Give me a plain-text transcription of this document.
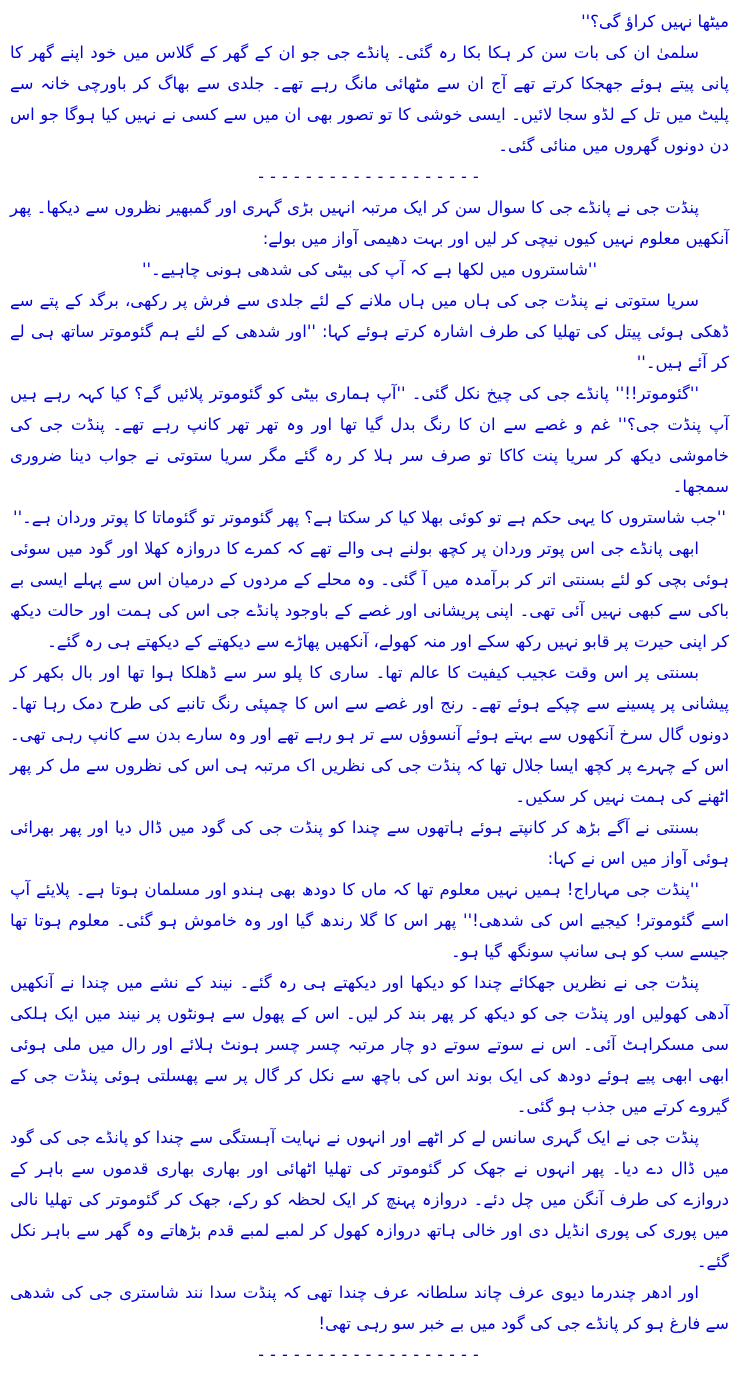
میٹھا نہیں کراؤ گی؟''

سلمیٰ ان کی بات سن کر ہکا بکا رہ گئی۔ پانڈے جی جو ان کے گھر کے گلاس میں خود اپنے گھر کا پانی پیتے ہوئے جھجکا کرتے تھے آج ان سے مٹھائی مانگ رہے تھے۔ جلدی سے بھاگ کر باورچی خانہ سے پلیٹ میں تل کے لڈو سجا لائیں۔ ایسی خوشی کا تو تصور بھی ان میں سے کسی نے نہیں کیا ہوگا جو اس دن دونوں گھروں میں منائی گئی۔

-------------------

پنڈت جی نے پانڈے جی کا سوال سن کر ایک مرتبہ انہیں بڑی گہری اور گمبھیر نظروں سے دیکھا۔ پھر آنکھیں معلوم نہیں کیوں نیچی کر لیں اور بہت دھیمی آواز میں بولے:

''شاستروں میں لکھا ہے کہ آپ کی بیٹی کی شدھی ہونی چاہیے۔''

سریا ستوتی نے پنڈت جی کی ہاں میں ہاں ملانے کے لئے جلدی سے فرش پر رکھی، برگد کے پتے سے ڈھکی ہوئی پیتل کی تھلیا کی طرف اشارہ کرتے ہوئے کہا: ''اور شدھی کے لئے ہم گئوموتر ساتھ ہی لے کر آئے ہیں۔''

''گئوموتر!!'' پانڈے جی کی چیخ نکل گئی۔ ''آپ ہماری بیٹی کو گئوموتر پلائیں گے؟ کیا کہہ رہے ہیں آپ پنڈت جی؟'' غم و غصے سے ان کا رنگ بدل گیا تھا اور وہ تھر تھر کانپ رہے تھے۔ پنڈت جی کی خاموشی دیکھ کر سریا پنت کاکا تو صرف سر ہلا کر رہ گئے مگر سریا ستوتی نے جواب دینا ضروری سمجھا۔

''جب شاستروں کا یہی حکم ہے تو کوئی بھلا کیا کر سکتا ہے؟ پھر گئوموتر تو گئوماتا کا پوتر وردان ہے۔''

ابھی پانڈے جی اس پوتر وردان پر کچھ بولنے ہی والے تھے کہ کمرے کا دروازہ کھلا اور گود میں سوئی ہوئی بچی کو لئے بسنتی اتر کر برآمدہ میں آ گئی۔ وہ محلے کے مردوں کے درمیان اس سے پہلے ایسی بے باکی سے کبھی نہیں آئی تھی۔ اپنی پریشانی اور غصے کے باوجود پانڈے جی اس کی ہمت اور حالت دیکھ کر اپنی حیرت پر قابو نہیں رکھ سکے اور منہ کھولے، آنکھیں پھاڑے سے دیکھتے کے دیکھتے ہی رہ گئے۔

بسنتی پر اس وقت عجیب کیفیت کا عالم تھا۔ ساری کا پلو سر سے ڈھلکا ہوا تھا اور بال بکھر کر پیشانی پر پسینے سے چپکے ہوئے تھے۔ رنج اور غصے سے اس کا چمپئی رنگ تانبے کی طرح دمک رہا تھا۔ دونوں گال سرخ آنکھوں سے بہتے ہوئے آنسوؤں سے تر ہو رہے تھے اور وہ سارے بدن سے کانپ رہی تھی۔ اس کے چہرے پر کچھ ایسا جلال تھا کہ پنڈت جی کی نظریں اک مرتبہ ہی اس کی نظروں سے مل کر پھر اٹھنے کی ہمت نہیں کر سکیں۔

بسنتی نے آگے بڑھ کر کانپتے ہوئے ہاتھوں سے چندا کو پنڈت جی کی گود میں ڈال دیا اور پھر بھرائی ہوئی آواز میں اس نے کہا:

''پنڈت جی مہاراج! ہمیں نہیں معلوم تھا کہ ماں کا دودھ بھی ہندو اور مسلمان ہوتا ہے۔ پلایئے آپ اسے گئوموتر! کیجیے اس کی شدھی!'' پھر اس کا گلا رندھ گیا اور وہ خاموش ہو گئی۔ معلوم ہوتا تھا جیسے سب کو ہی سانپ سونگھ گیا ہو۔

پنڈت جی نے نظریں جھکائے چندا کو دیکھا اور دیکھتے ہی رہ گئے۔ نیند کے نشے میں چندا نے آنکھیں آدھی کھولیں اور پنڈت جی کو دیکھ کر پھر بند کر لیں۔ اس کے پھول سے ہونٹوں پر نیند میں ایک ہلکی سی مسکراہٹ آئی۔ اس نے سوتے سوتے دو چار مرتبہ چسر چسر ہونٹ ہلائے اور رال میں ملی ہوئی ابھی ابھی پیے ہوئے دودھ کی ایک بوند اس کی باچھ سے نکل کر گال پر سے پھسلتی ہوئی پنڈت جی کے گیروے کرتے میں جذب ہو گئی۔

پنڈت جی نے ایک گہری سانس لے کر اٹھے اور انہوں نے نہایت آہستگی سے چندا کو پانڈے جی کی گود میں ڈال دے دیا۔ پھر انہوں نے جھک کر گئوموتر کی تھلیا اٹھائی اور بھاری بھاری قدموں سے باہر کے دروازے کی طرف آنگن میں چل دئے۔ دروازہ پہنچ کر ایک لحظہ کو رکے، جھک کر گئوموتر کی تھلیا نالی میں پوری کی پوری انڈیل دی اور خالی ہاتھ دروازہ کھول کر لمبے لمبے قدم بڑھاتے وہ گھر سے باہر نکل گئے۔

اور ادھر چندرما دیوی عرف چاند سلطانہ عرف چندا تھی کہ پنڈت سدا نند شاستری جی کی شدھی سے فارغ ہو کر پانڈے جی کی گود میں بے خبر سو رہی تھی!

-------------------
